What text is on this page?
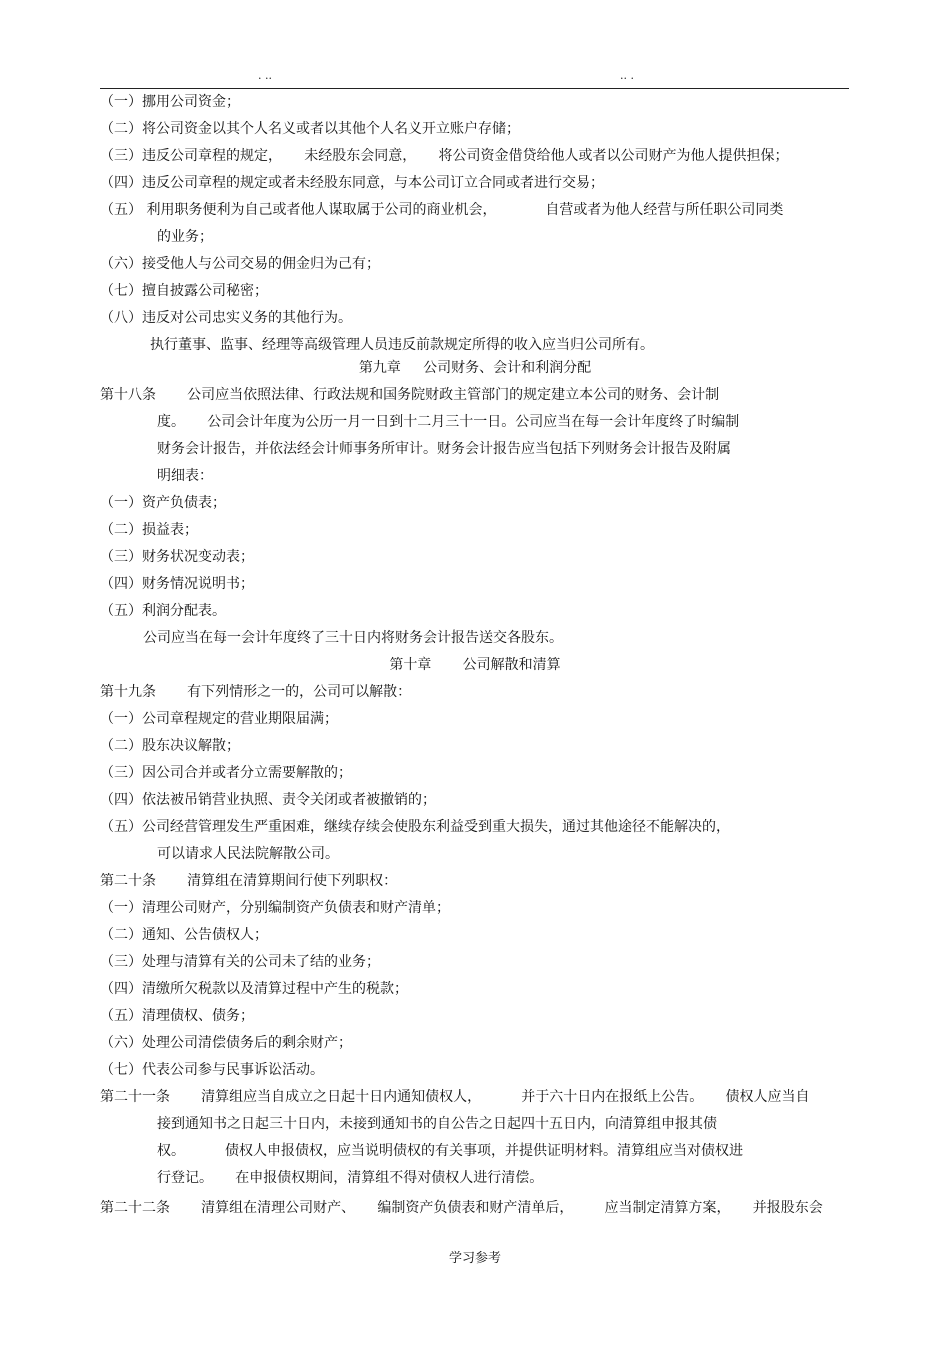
. ..	.. .
（一）挪用公司资金；
（二）将公司资金以其个人名义或者以其他个人名义开立账户存储；
（三）违反公司章程的规定，     未经股东会同意，     将公司资金借贷给他人或者以公司财产为他人提供担保；
（四）违反公司章程的规定或者未经股东同意，与本公司订立合同或者进行交易；
（五） 利用职务便利为自己或者他人谋取属于公司的商业机会，           自营或者为他人经营与所任职公司同类
的业务；
（六）接受他人与公司交易的佣金归为己有；
（七）擅自披露公司秘密；
（八）违反对公司忠实义务的其他行为。
执行董事、监事、经理等高级管理人员违反前款规定所得的收入应当归公司所有。
第九章     公司财务、会计和利润分配
第十八条       公司应当依照法律、行政法规和国务院财政主管部门的规定建立本公司的财务、会计制
度。     公司会计年度为公历一月一日到十二月三十一日。公司应当在每一会计年度终了时编制
财务会计报告，并依法经会计师事务所审计。财务会计报告应当包括下列财务会计报告及附属
明细表：
（一）资产负债表；
（二）损益表；
（三）财务状况变动表；
（四）财务情况说明书；
（五）利润分配表。
公司应当在每一会计年度终了三十日内将财务会计报告送交各股东。
第十章       公司解散和清算
第十九条       有下列情形之一的，公司可以解散：
（一）公司章程规定的营业期限届满；
（二）股东决议解散；
（三）因公司合并或者分立需要解散的；
（四）依法被吊销营业执照、责令关闭或者被撤销的；
（五）公司经营管理发生严重困难，继续存续会使股东利益受到重大损失，通过其他途径不能解决的，
可以请求人民法院解散公司。
第二十条       清算组在清算期间行使下列职权：
（一）清理公司财产，分别编制资产负债表和财产清单；
（二）通知、公告债权人；
（三）处理与清算有关的公司未了结的业务；
（四）清缴所欠税款以及清算过程中产生的税款；
（五）清理债权、债务；
（六）处理公司清偿债务后的剩余财产；
（七）代表公司参与民事诉讼活动。
第二十一条       清算组应当自成立之日起十日内通知债权人，         并于六十日内在报纸上公告。     债权人应当自
接到通知书之日起三十日内，未接到通知书的自公告之日起四十五日内，向清算组申报其债
权。         债权人申报债权，应当说明债权的有关事项，并提供证明材料。清算组应当对债权进
行登记。     在申报债权期间，清算组不得对债权人进行清偿。
第二十二条       清算组在清理公司财产、     编制资产负债表和财产清单后，       应当制定清算方案，     并报股东会
学习参考
